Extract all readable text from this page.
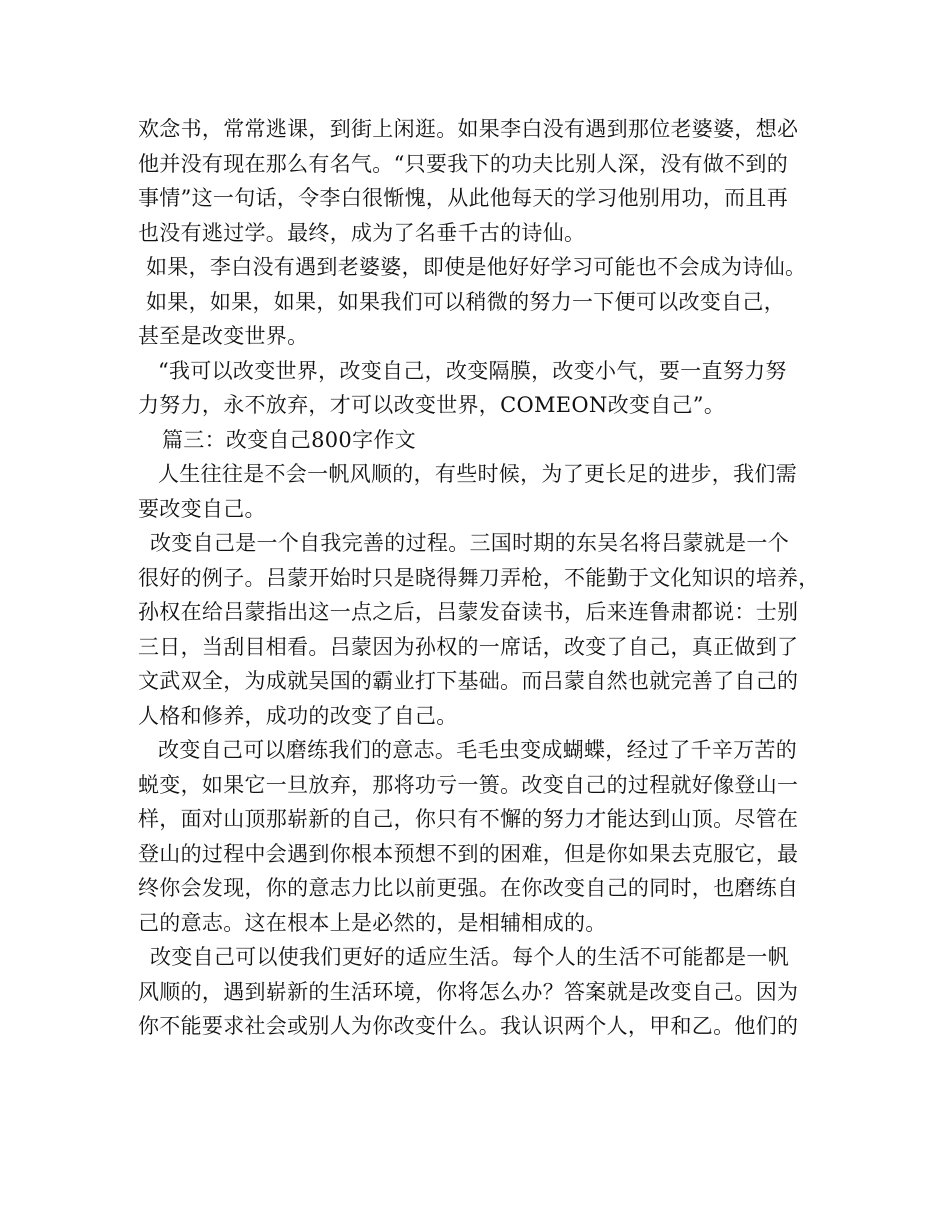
欢念书，常常逃课，到街上闲逛。如果李白没有遇到那位老婆婆，想必
他并没有现在那么有名气。“只要我下的功夫比别人深，没有做不到的
事情”这一句话，令李白很惭愧，从此他每天的学习他别用功，而且再
也没有逃过学。最终，成为了名垂千古的诗仙。
如果，李白没有遇到老婆婆，即使是他好好学习可能也不会成为诗仙。
如果，如果，如果，如果我们可以稍微的努力一下便可以改变自己，
甚至是改变世界。
“我可以改变世界，改变自己，改变隔膜，改变小气，要一直努力努
力努力，永不放弃，才可以改变世界，COMEON改变自己”。
篇三：改变自己800字作文
人生往往是不会一帆风顺的，有些时候，为了更长足的进步，我们需
要改变自己。
改变自己是一个自我完善的过程。三国时期的东吴名将吕蒙就是一个
很好的例子。吕蒙开始时只是晓得舞刀弄枪，不能勤于文化知识的培养，
孙权在给吕蒙指出这一点之后，吕蒙发奋读书，后来连鲁肃都说：士别
三日，当刮目相看。吕蒙因为孙权的一席话，改变了自己，真正做到了
文武双全，为成就吴国的霸业打下基础。而吕蒙自然也就完善了自己的
人格和修养，成功的改变了自己。
改变自己可以磨练我们的意志。毛毛虫变成蝴蝶，经过了千辛万苦的
蜕变，如果它一旦放弃，那将功亏一篑。改变自己的过程就好像登山一
样，面对山顶那崭新的自己，你只有不懈的努力才能达到山顶。尽管在
登山的过程中会遇到你根本预想不到的困难，但是你如果去克服它，最
终你会发现，你的意志力比以前更强。在你改变自己的同时，也磨练自
己的意志。这在根本上是必然的，是相辅相成的。
改变自己可以使我们更好的适应生活。每个人的生活不可能都是一帆
风顺的，遇到崭新的生活环境，你将怎么办？答案就是改变自己。因为
你不能要求社会或别人为你改变什么。我认识两个人，甲和乙。他们的
